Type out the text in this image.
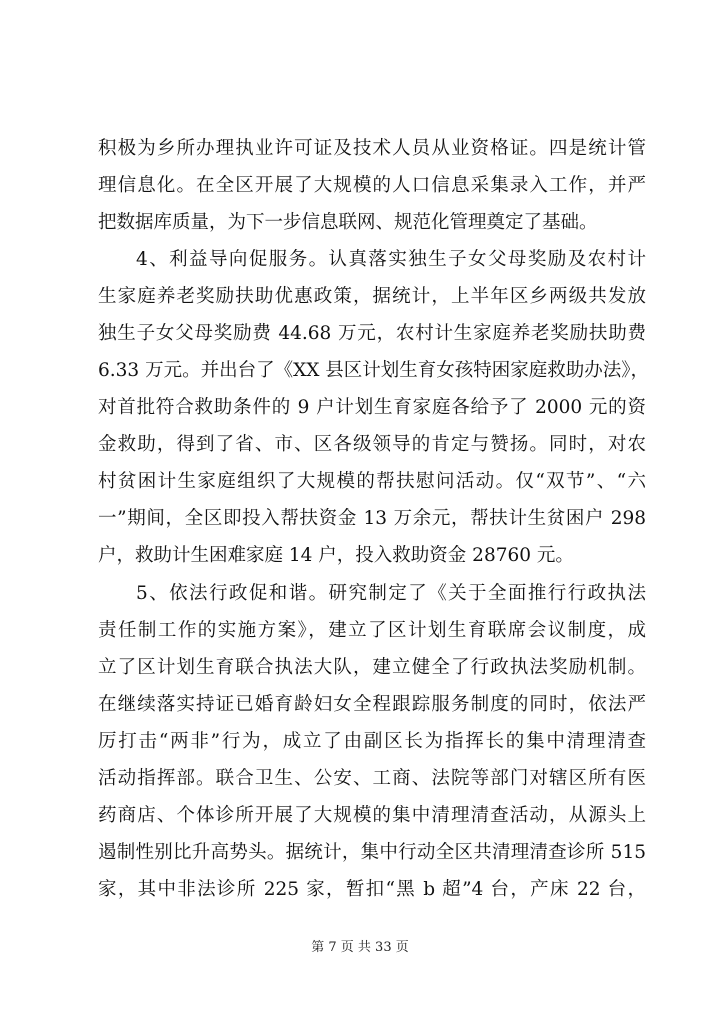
积极为乡所办理执业许可证及技术人员从业资格证。四是统计管
理信息化。在全区开展了大规模的人口信息采集录入工作，并严
把数据库质量，为下一步信息联网、规范化管理奠定了基础。
4、利益导向促服务。认真落实独生子女父母奖励及农村计
生家庭养老奖励扶助优惠政策，据统计，上半年区乡两级共发放
独生子女父母奖励费 44.68 万元，农村计生家庭养老奖励扶助费
6.33 万元。并出台了《XX 县区计划生育女孩特困家庭救助办法》，
对首批符合救助条件的 9 户计划生育家庭各给予了 2000 元的资
金救助，得到了省、市、区各级领导的肯定与赞扬。同时，对农
村贫困计生家庭组织了大规模的帮扶慰问活动。仅“双节”、“六
一”期间，全区即投入帮扶资金 13 万余元，帮扶计生贫困户 298
户，救助计生困难家庭 14 户，投入救助资金 28760 元。
5、依法行政促和谐。研究制定了《关于全面推行行政执法
责任制工作的实施方案》，建立了区计划生育联席会议制度，成
立了区计划生育联合执法大队，建立健全了行政执法奖励机制。
在继续落实持证已婚育龄妇女全程跟踪服务制度的同时，依法严
厉打击“两非”行为，成立了由副区长为指挥长的集中清理清查
活动指挥部。联合卫生、公安、工商、法院等部门对辖区所有医
药商店、个体诊所开展了大规模的集中清理清查活动，从源头上
遏制性别比升高势头。据统计，集中行动全区共清理清查诊所 515
家，其中非法诊所 225 家，暂扣“黑 b 超”4 台，产床 22 台，
第 7 页 共 33 页
